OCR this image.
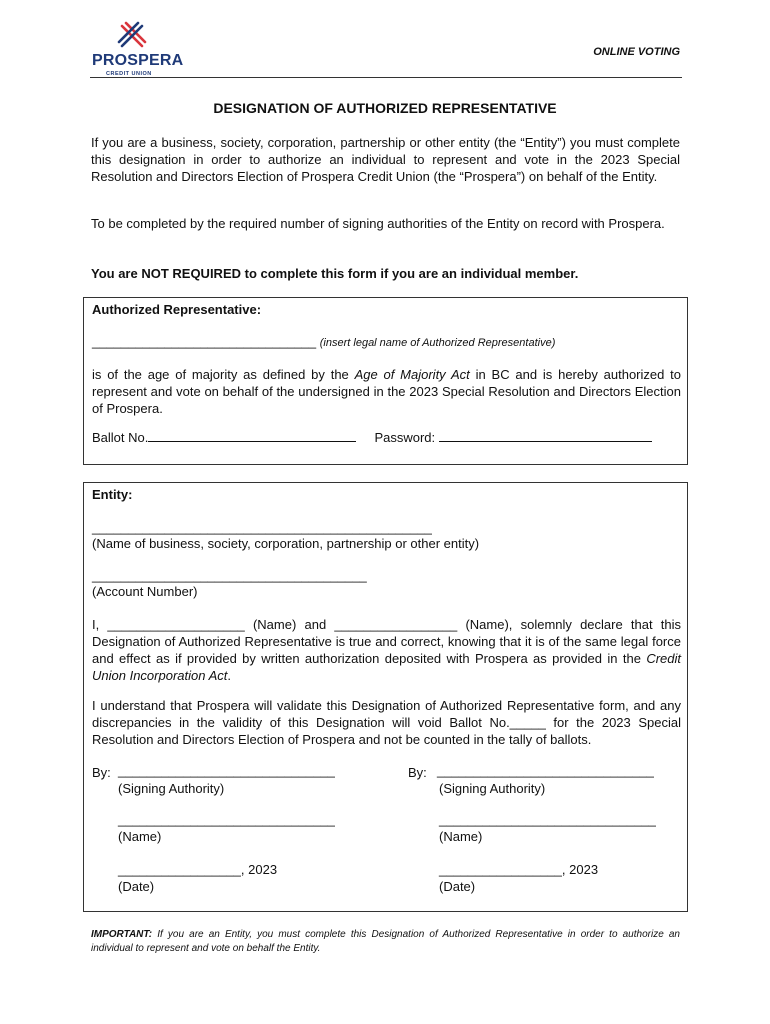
PROSPERA
CREDIT UNION
ONLINE VOTING
DESIGNATION OF AUTHORIZED REPRESENTATIVE
If you are a business, society, corporation, partnership or other entity (the “Entity”) you must complete this designation in order to authorize an individual to represent and vote in the 2023 Special Resolution and Directors Election of Prospera Credit Union (the “Prospera”) on behalf of the Entity.
To be completed by the required number of signing authorities of the Entity on record with Prospera.
You are NOT REQUIRED to complete this form if you are an individual member.
Authorized Representative:
_______________________________ (insert legal name of Authorized Representative)
is of the age of majority as defined by the Age of Majority Act in BC and is hereby authorized to represent and vote on behalf of the undersigned in the 2023 Special Resolution and Directors Election of Prospera.
Ballot No.	Password:
Entity:
_______________________________________________
(Name of business, society, corporation, partnership or other entity)
______________________________________
(Account Number)
I, ___________________ (Name) and _________________ (Name), solemnly declare that this Designation of Authorized Representative is true and correct, knowing that it is of the same legal force and effect as if provided by written authorization deposited with Prospera as provided in the Credit Union Incorporation Act.
I understand that Prospera will validate this Designation of Authorized Representative form, and any discrepancies in the validity of this Designation will void Ballot No._____ for the 2023 Special Resolution and Directors Election of Prospera and not be counted in the tally of ballots.
By: ______________________________
(Signing Authority)
______________________________
(Name)
_________________, 2023
(Date)
By: ______________________________
(Signing Authority)
______________________________
(Name)
_________________, 2023
(Date)
IMPORTANT: If you are an Entity, you must complete this Designation of Authorized Representative in order to authorize an individual to represent and vote on behalf the Entity.
